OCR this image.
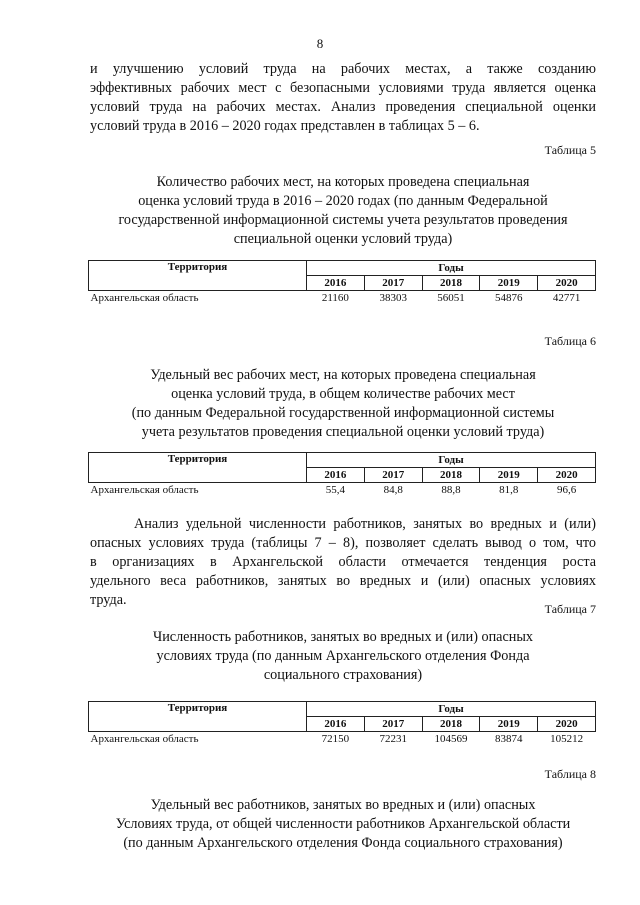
8
и улучшению условий труда на рабочих местах, а также созданию
эффективных рабочих мест с безопасными условиями труда является оценка
условий труда на рабочих местах. Анализ проведения специальной оценки
условий труда в 2016 – 2020 годах представлен в таблицах 5 – 6.
Таблица 5
Количество рабочих мест, на которых проведена специальная
оценка условий труда в 2016 – 2020 годах (по данным Федеральной
государственной информационной системы учета результатов проведения
специальной оценки условий труда)
Территория	Годы				
	2016	2017	2018	2019	2020
Архангельская область	21160	38303	56051	54876	42771
Таблица 6
Удельный вес рабочих мест, на которых проведена специальная
оценка условий труда, в общем количестве рабочих мест
(по данным Федеральной государственной информационной системы
учета результатов проведения специальной оценки условий труда)
Территория	Годы				
	2016	2017	2018	2019	2020
Архангельская область	55,4	84,8	88,8	81,8	96,6
Анализ удельной численности работников, занятых во вредных и (или)
опасных условиях труда (таблицы 7 – 8), позволяет сделать вывод о том, что
в организациях в Архангельской области отмечается тенденция роста
удельного веса работников, занятых во вредных и (или) опасных условиях
труда.
Таблица 7
Численность работников, занятых во вредных и (или) опасных
условиях труда (по данным Архангельского отделения Фонда
социального страхования)
Территория	Годы				
	2016	2017	2018	2019	2020
Архангельская область	72150	72231	104569	83874	105212
Таблица 8
Удельный вес работников, занятых во вредных и (или) опасных
Условиях труда, от общей численности работников Архангельской области
(по данным Архангельского отделения Фонда социального страхования)
